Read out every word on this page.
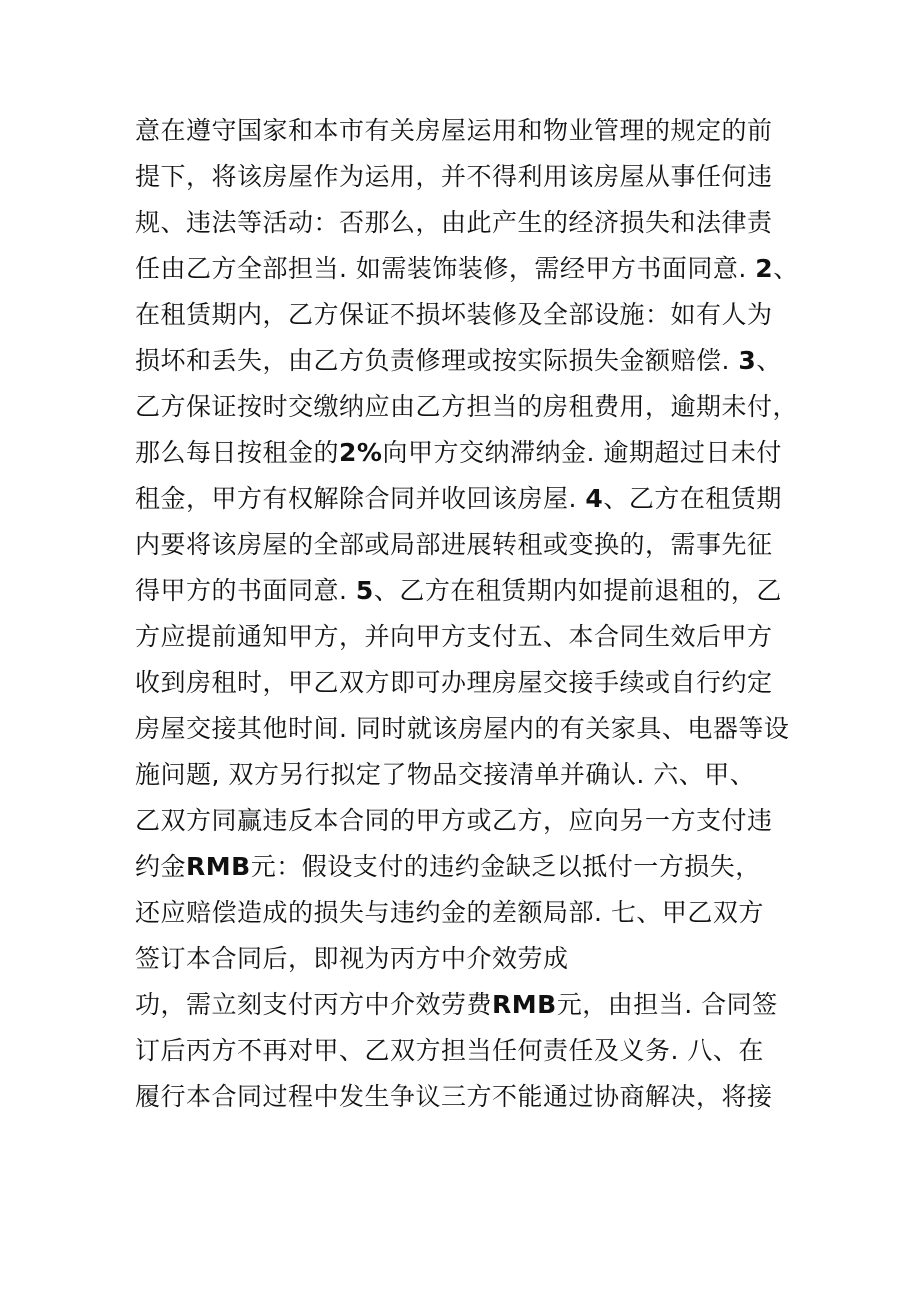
意在遵守国家和本市有关房屋运用和物业管理的规定的前
提下，将该房屋作为运用，并不得利用该房屋从事任何违
规、违法等活动：否那么，由此产生的经济损失和法律责
任由乙方全部担当. 如需装饰装修，需经甲方书面同意. 2、
在租赁期内，乙方保证不损坏装修及全部设施：如有人为
损坏和丢失，由乙方负责修理或按实际损失金额赔偿. 3、
乙方保证按时交缴纳应由乙方担当的房租费用，逾期未付，
那么每日按租金的2%向甲方交纳滞纳金. 逾期超过日未付
租金，甲方有权解除合同并收回该房屋. 4、乙方在租赁期
内要将该房屋的全部或局部进展转租或变换的，需事先征
得甲方的书面同意. 5、乙方在租赁期内如提前退租的，乙
方应提前通知甲方，并向甲方支付五、本合同生效后甲方
收到房租时，甲乙双方即可办理房屋交接手续或自行约定
房屋交接其他时间. 同时就该房屋内的有关家具、电器等设
施问题, 双方另行拟定了物品交接清单并确认. 六、甲、
乙双方同赢违反本合同的甲方或乙方，应向另一方支付违
约金RMB元：假设支付的违约金缺乏以抵付一方损失，
还应赔偿造成的损失与违约金的差额局部. 七、甲乙双方
签订本合同后，即视为丙方中介效劳成
功，需立刻支付丙方中介效劳费RMB元，由担当. 合同签
订后丙方不再对甲、乙双方担当任何责任及义务. 八、在
履行本合同过程中发生争议三方不能通过协商解决，将接
